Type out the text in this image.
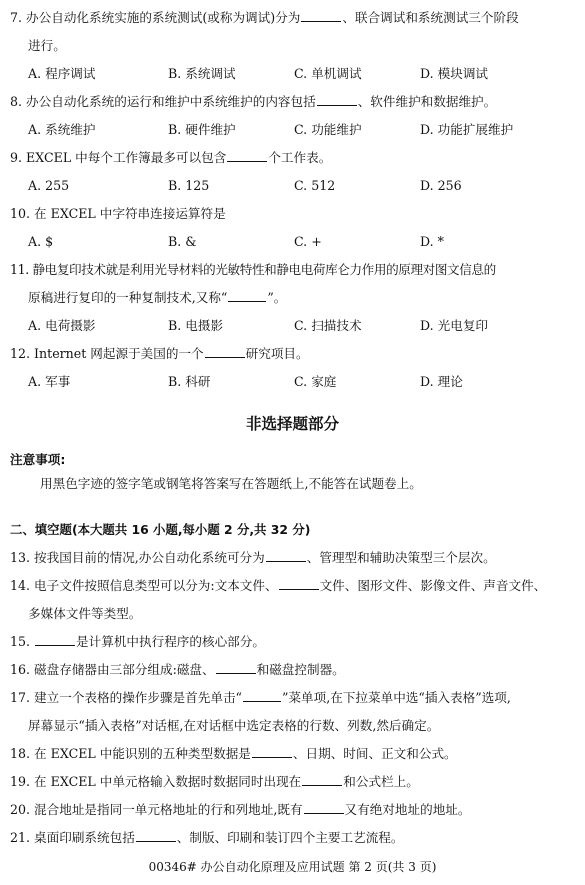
7. 办公自动化系统实施的系统测试(或称为调试)分为	、联合调试和系统测试三个阶段
进行。
A. 程序调试	B. 系统调试	C. 单机调试	D. 模块调试
8. 办公自动化系统的运行和维护中系统维护的内容包括	、软件维护和数据维护。
A. 系统维护	B. 硬件维护	C. 功能维护	D. 功能扩展维护
9. EXCEL 中每个工作簿最多可以包含	个工作表。
A. 255	B. 125	C. 512	D. 256
10. 在 EXCEL 中字符串连接运算符是
A. $	B. &	C. +	D. *
11. 静电复印技术就是利用光导材料的光敏特性和静电电荷库仑力作用的原理对图文信息的
原稿进行复印的一种复制技术,又称“	”。
A. 电荷摄影	B. 电摄影	C. 扫描技术	D. 光电复印
12. Internet 网起源于美国的一个	研究项目。
A. 军事	B. 科研	C. 家庭	D. 理论
非选择题部分
注意事项:
用黑色字迹的签字笔或钢笔将答案写在答题纸上,不能答在试题卷上。
二、填空题(本大题共 16 小题,每小题 2 分,共 32 分)
13. 按我国目前的情况,办公自动化系统可分为	、管理型和辅助决策型三个层次。
14. 电子文件按照信息类型可以分为:文本文件、	文件、图形文件、影像文件、声音文件、
多媒体文件等类型。
15.	是计算机中执行程序的核心部分。
16. 磁盘存储器由三部分组成:磁盘、	和磁盘控制器。
17. 建立一个表格的操作步骤是首先单击“	”菜单项,在下拉菜单中选“插入表格”选项,
屏幕显示“插入表格”对话框,在对话框中选定表格的行数、列数,然后确定。
18. 在 EXCEL 中能识别的五种类型数据是	、日期、时间、正文和公式。
19. 在 EXCEL 中单元格输入数据时数据同时出现在	和公式栏上。
20. 混合地址是指同一单元格地址的行和列地址,既有	又有绝对地址的地址。
21. 桌面印刷系统包括	、制版、印刷和装订四个主要工艺流程。
00346# 办公自动化原理及应用试题 第 2 页(共 3 页)
